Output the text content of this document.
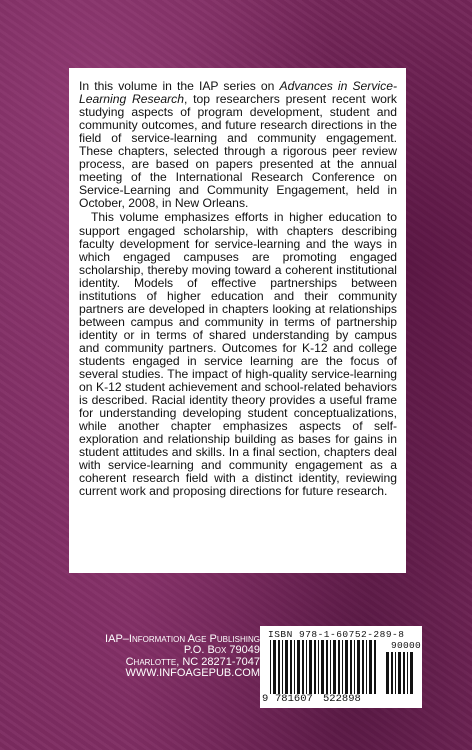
In this volume in the IAP series on Advances in Service-Learning Research, top researchers present recent work studying aspects of program development, student and community outcomes, and future research directions in the field of service-learning and community engagement. These chapters, selected through a rigorous peer review process, are based on papers presented at the annual meeting of the International Research Conference on Service-Learning and Community Engagement, held in October, 2008, in New Orleans.

This volume emphasizes efforts in higher education to support engaged scholarship, with chapters describing faculty development for service-learning and the ways in which engaged campuses are promoting engaged scholarship, thereby moving toward a coherent institutional identity. Models of effective partnerships between institutions of higher education and their community partners are developed in chapters looking at relationships between campus and community in terms of partnership identity or in terms of shared understanding by campus and community partners. Outcomes for K-12 and college students engaged in service learning are the focus of several studies. The impact of high-quality service-learning on K-12 student achievement and school-related behaviors is described. Racial identity theory provides a useful frame for understanding developing student conceptualizations, while another chapter emphasizes aspects of self-exploration and relationship building as bases for gains in student attitudes and skills. In a final section, chapters deal with service-learning and community engagement as a coherent research field with a distinct identity, reviewing current work and proposing directions for future research.

IAP–Information Age Publishing
P.O. Box 79049
Charlotte, NC 28271-7047
WWW.INFOAGEPUB.COM
ISBN 978-1-60752-289-8
90000
9 781607 522898
